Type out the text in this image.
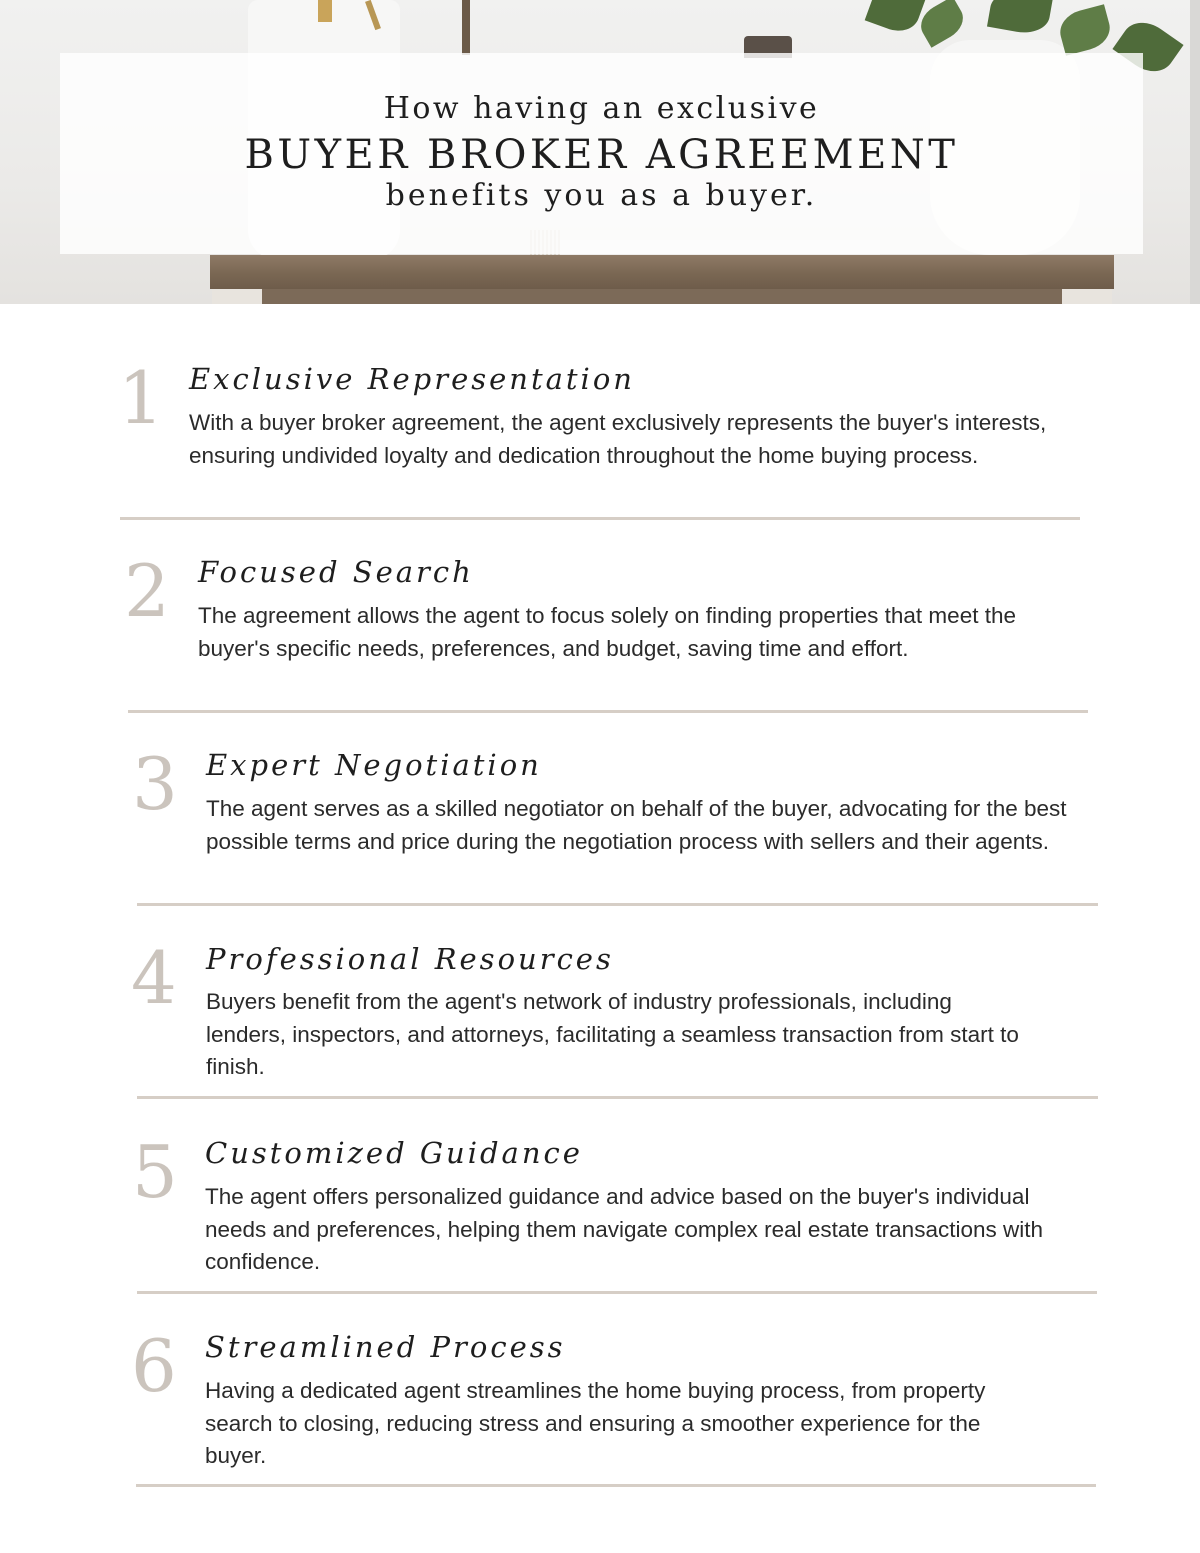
How having an exclusive
BUYER BROKER AGREEMENT
benefits you as a buyer.
1 Exclusive Representation
With a buyer broker agreement, the agent exclusively represents the buyer's interests, ensuring undivided loyalty and dedication throughout the home buying process.
2 Focused Search
The agreement allows the agent to focus solely on finding properties that meet the buyer's specific needs, preferences, and budget, saving time and effort.
3 Expert Negotiation
The agent serves as a skilled negotiator on behalf of the buyer, advocating for the best possible terms and price during the negotiation process with sellers and their agents.
4 Professional Resources
Buyers benefit from the agent's network of industry professionals, including lenders, inspectors, and attorneys, facilitating a seamless transaction from start to finish.
5 Customized Guidance
The agent offers personalized guidance and advice based on the buyer's individual needs and preferences, helping them navigate complex real estate transactions with confidence.
6 Streamlined Process
Having a dedicated agent streamlines the home buying process, from property search to closing, reducing stress and ensuring a smoother experience for the buyer.
